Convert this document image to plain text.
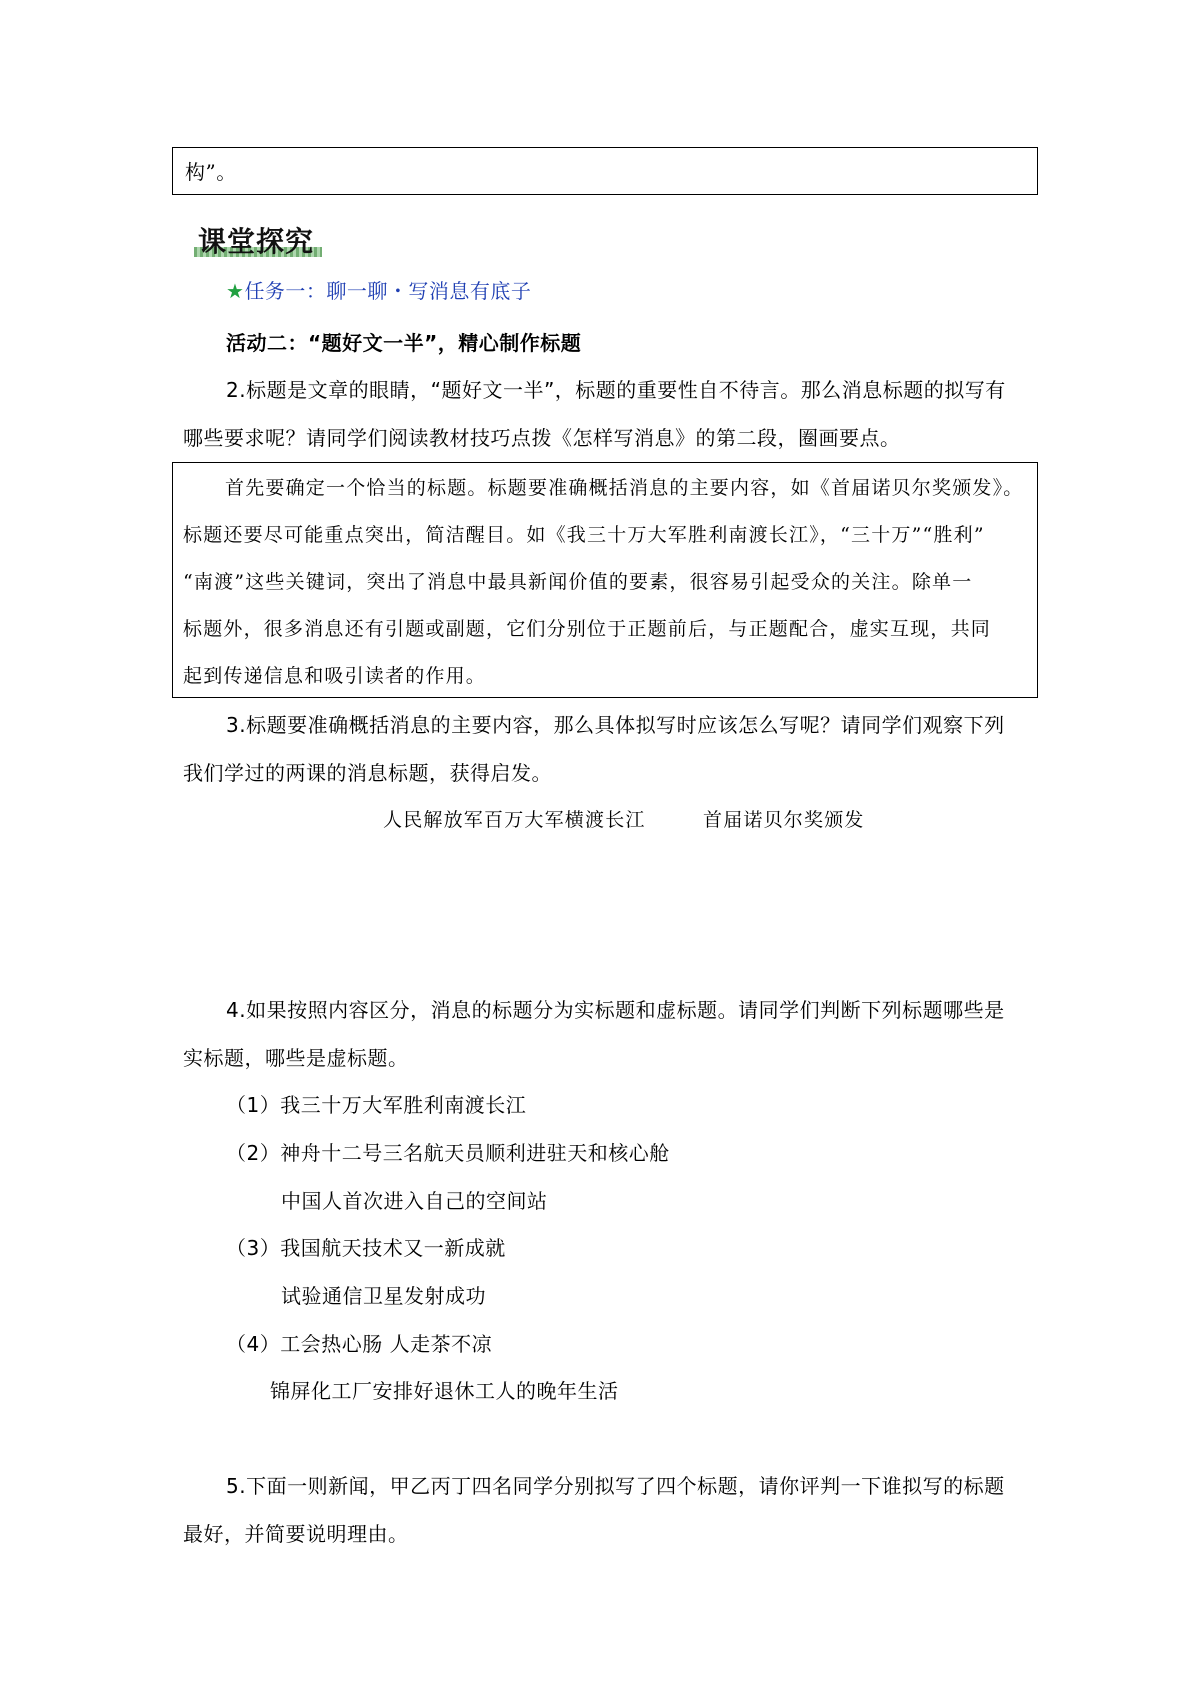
构”。
课堂探究
★任务一：聊一聊・写消息有底子
活动二：“题好文一半”，精心制作标题
2.标题是文章的眼睛，“题好文一半”，标题的重要性自不待言。那么消息标题的拟写有
哪些要求呢？请同学们阅读教材技巧点拨《怎样写消息》的第二段，圈画要点。
首先要确定一个恰当的标题。标题要准确概括消息的主要内容，如《首届诺贝尔奖颁发》。
标题还要尽可能重点突出，简洁醒目。如《我三十万大军胜利南渡长江》，“三十万”“胜利”
“南渡”这些关键词，突出了消息中最具新闻价值的要素，很容易引起受众的关注。除单一
标题外，很多消息还有引题或副题，它们分别位于正题前后，与正题配合，虚实互现，共同
起到传递信息和吸引读者的作用。
3.标题要准确概括消息的主要内容，那么具体拟写时应该怎么写呢？请同学们观察下列
我们学过的两课的消息标题，获得启发。
人民解放军百万大军横渡长江	首届诺贝尔奖颁发
4.如果按照内容区分，消息的标题分为实标题和虚标题。请同学们判断下列标题哪些是
实标题，哪些是虚标题。
（1）我三十万大军胜利南渡长江
（2）神舟十二号三名航天员顺利进驻天和核心舱
中国人首次进入自己的空间站
（3）我国航天技术又一新成就
试验通信卫星发射成功
（4）工会热心肠 人走茶不凉
锦屏化工厂安排好退休工人的晚年生活
5.下面一则新闻，甲乙丙丁四名同学分别拟写了四个标题，请你评判一下谁拟写的标题
最好，并简要说明理由。
